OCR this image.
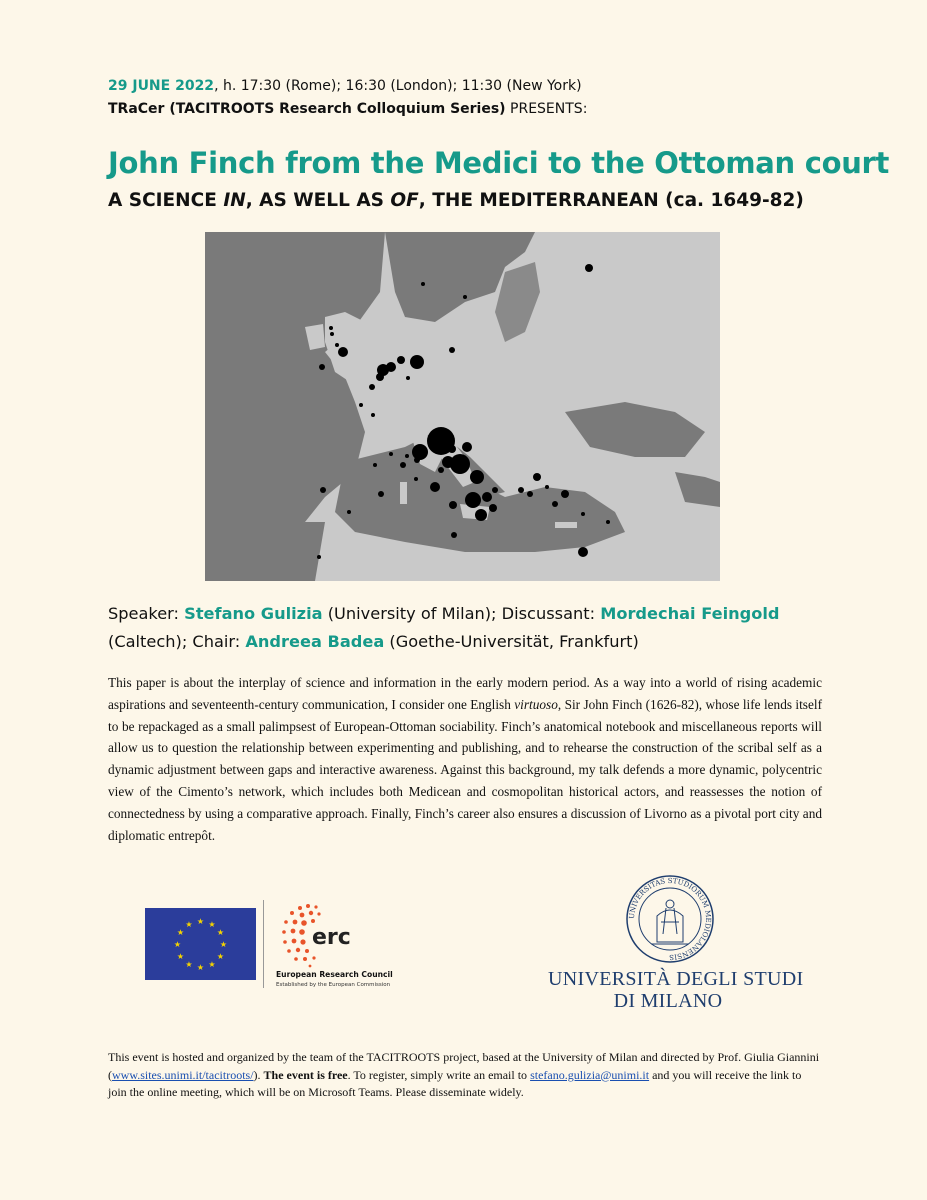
29 JUNE 2022, h. 17:30 (Rome); 16:30 (London); 11:30 (New York)
TRaCer (TACITROOTS Research Colloquium Series) PRESENTS:
John Finch from the Medici to the Ottoman court
A SCIENCE IN, AS WELL AS OF, THE MEDITERRANEAN (ca. 1649-82)
Speaker: Stefano Gulizia (University of Milan); Discussant: Mordechai Feingold (Caltech); Chair: Andreea Badea (Goethe-Universität, Frankfurt)
This paper is about the interplay of science and information in the early modern period. As a way into a world of rising academic aspirations and seventeenth-century communication, I consider one English virtuoso, Sir John Finch (1626-82), whose life lends itself to be repackaged as a small palimpsest of European-Ottoman sociability. Finch’s anatomical notebook and miscellaneous reports will allow us to question the relationship between experimenting and publishing, and to rehearse the construction of the scribal self as a dynamic adjustment between gaps and interactive awareness. Against this background, my talk defends a more dynamic, polycentric view of the Cimento’s network, which includes both Medicean and cosmopolitan historical actors, and reassesses the notion of connectedness by using a comparative approach. Finally, Finch’s career also ensures a discussion of Livorno as a pivotal port city and diplomatic entrepôt.
★ ★
★
★
★
★
★
★
★
★
★
★
erc
European Research Council
Established by the European Commission
UNIVERSITAS STUDIORUM MEDIOLANENSIS
UNIVERSITÀ DEGLI STUDI
DI MILANO
This event is hosted and organized by the team of the TACITROOTS project, based at the University of Milan and directed by Prof. Giulia Giannini (www.sites.unimi.it/tacitroots/). The event is free. To register, simply write an email to stefano.gulizia@unimi.it and you will receive the link to join the online meeting, which will be on Microsoft Teams. Please disseminate widely.
